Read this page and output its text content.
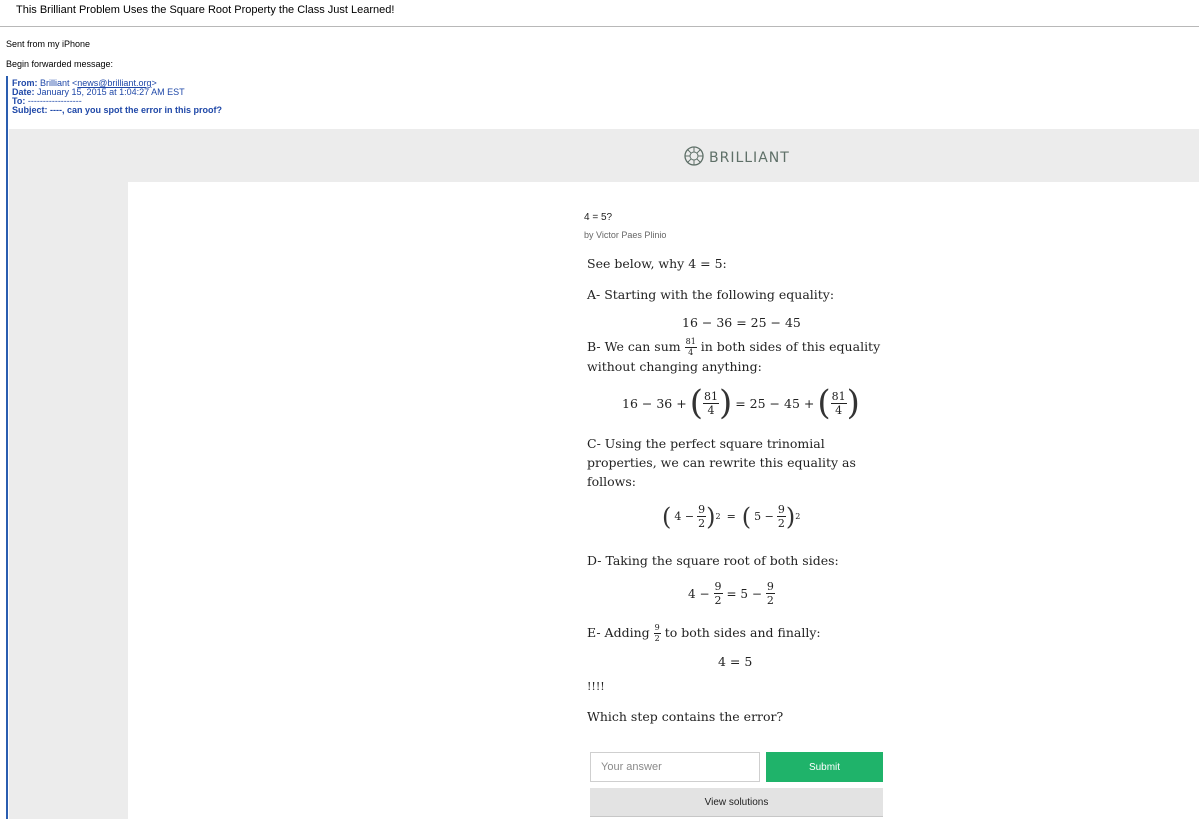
This Brilliant Problem Uses the Square Root Property the Class Just Learned!
Sent from my iPhone
Begin forwarded message:
From: Brilliant <news@brilliant.org>
Date: January 15, 2015 at 1:04:27 AM EST
To: ------------------
Subject: ----, can you spot the error in this proof?
BRILLIANT
4 = 5?
by Victor Paes Plinio
See below, why 4 = 5:
A- Starting with the following equality:
16 − 36 = 25 − 45
B- We can sum $\frac{81}{4}$ in both sides of this equality
without changing anything:
16 − 36 + ( $\frac{81}{4}$ ) = 25 − 45 + ( $\frac{81}{4}$ )
C- Using the perfect square trinomial
properties, we can rewrite this equality as
follows:
( $4 - \frac{9}{2}$ ) 2 = ( $5 - \frac{9}{2}$ ) 2
D- Taking the square root of both sides:
$4 - \frac{9}{2} = 5 - \frac{9}{2}$
E- Adding $\frac{9}{2}$ to both sides and finally:
4 = 5
!!!!
Which step contains the error?
Your answer
Submit
View solutions
